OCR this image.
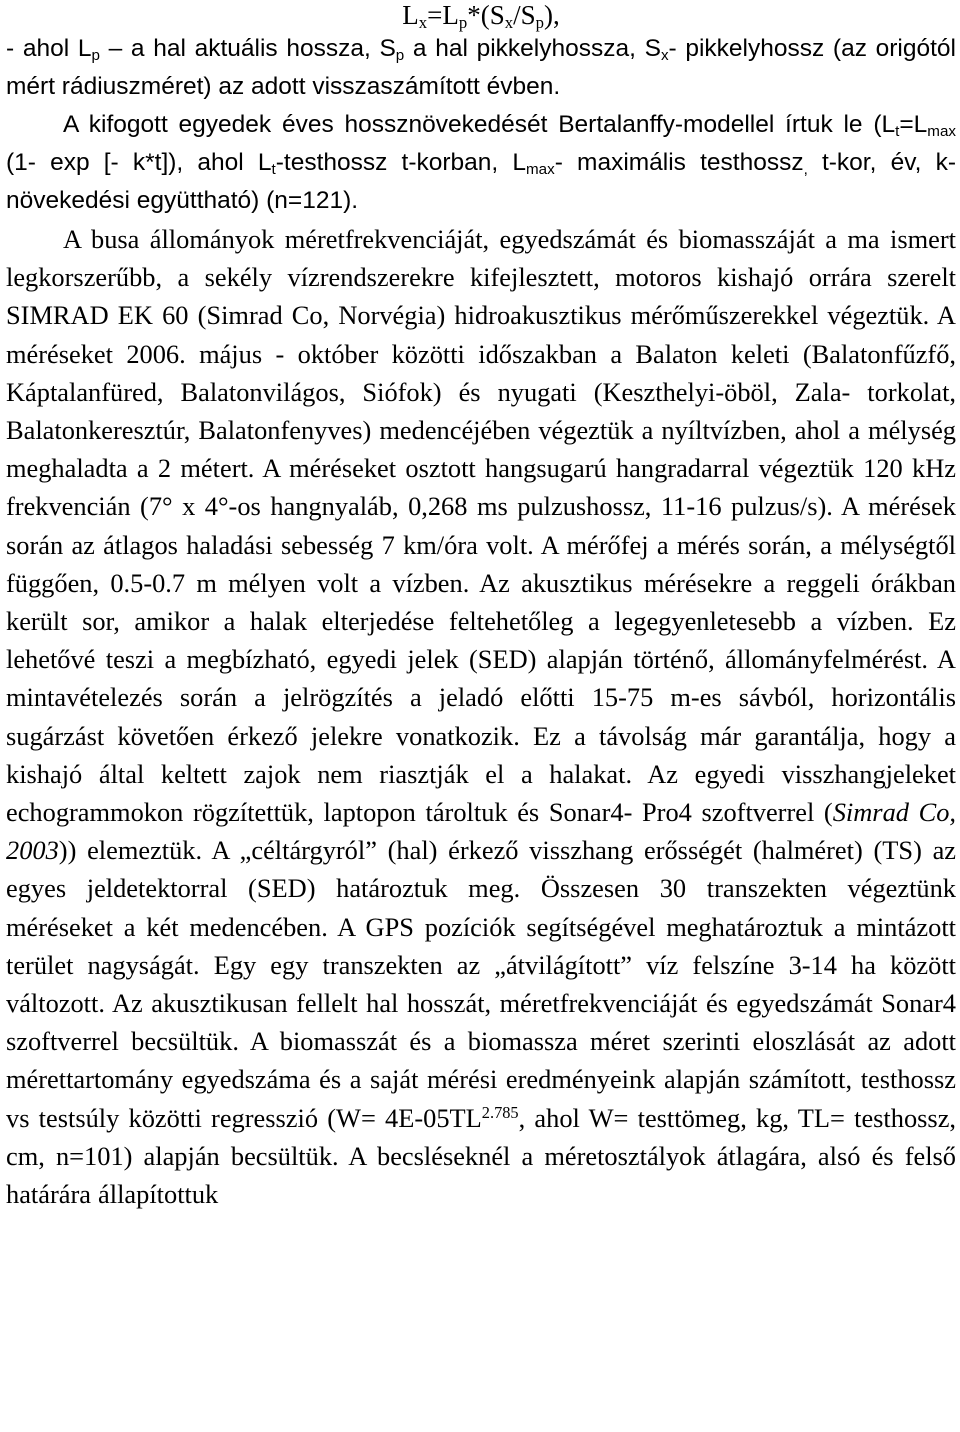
$L_x=L_p*(S_x/S_p)$,

- ahol $L_p$ – a hal aktuális hossza, $S_p$ a hal pikkelyhossza, $S_x-$ pikkelyhossz (az origótól mért rádiuszméret) az adott visszaszámított évben.

A kifogott egyedek éves hossznövekedését Bertalanffy-modellel írtuk le ($L_t=L_{max}$ (1- exp [- k*t]), ahol $L_t$-testhossz t-korban, $L_{max}-$ maximális testhossz$_,$ t-kor, év, k- növekedési együttható) (n=121).

A busa állományok méretfrekvenciáját, egyedszámát és biomasszáját a ma ismert legkorszerűbb, a sekély vízrendszerekre kifejlesztett, motoros kishajó orrára szerelt SIMRAD EK 60 (Simrad Co, Norvégia) hidroakusztikus mérőműszerekkel végeztük. A méréseket 2006. május - október közötti időszakban a Balaton keleti (Balatonfűzfő, Káptalanfüred, Balatonvilágos, Siófok) és nyugati (Keszthelyi-öböl, Zala- torkolat, Balatonkeresztúr, Balatonfenyves) medencéjében végeztük a nyíltvízben, ahol a mélység meghaladta a 2 métert. A méréseket osztott hangsugarú hangradarral végeztük 120 kHz frekvencián (7° x 4°-os hangnyaláb, 0,268 ms pulzushossz, 11-16 pulzus/s). A mérések során az átlagos haladási sebesség 7 km/óra volt. A mérőfej a mérés során, a mélységtől függően, 0.5-0.7 m mélyen volt a vízben. Az akusztikus mérésekre a reggeli órákban került sor, amikor a halak elterjedése feltehetőleg a legegyenletesebb a vízben. Ez lehetővé teszi a megbízható, egyedi jelek (SED) alapján történő, állományfelmérést. A mintavételezés során a jelrögzítés a jeladó előtti 15-75 m-es sávból, horizontális sugárzást követően érkező jelekre vonatkozik. Ez a távolság már garantálja, hogy a kishajó által keltett zajok nem riasztják el a halakat. Az egyedi visszhangjeleket echogrammokon rögzítettük, laptopon tároltuk és Sonar4- Pro4 szoftverrel (Simrad Co, 2003)) elemeztük. A „céltárgyról” (hal) érkező visszhang erősségét (halméret) (TS) az egyes jeldetektorral (SED) határoztuk meg. Összesen 30 transzekten végeztünk méréseket a két medencében. A GPS pozíciók segítségével meghatároztuk a mintázott terület nagyságát. Egy egy transzekten az „átvilágított” víz felszíne 3-14 ha között változott. Az akusztikusan fellelt hal hosszát, méretfrekvenciáját és egyedszámát Sonar4 szoftverrel becsültük. A biomasszát és a biomassza méret szerinti eloszlását az adott mérettartomány egyedszáma és a saját mérési eredményeink alapján számított, testhossz vs testsúly közötti regresszió ($W= 4E-05TL^{2.785}$, ahol W= testtömeg, kg, TL= testhossz, cm, n=101) alapján becsültük. A becsléseknél a méretosztályok átlagára, alsó és felső határára állapítottuk
